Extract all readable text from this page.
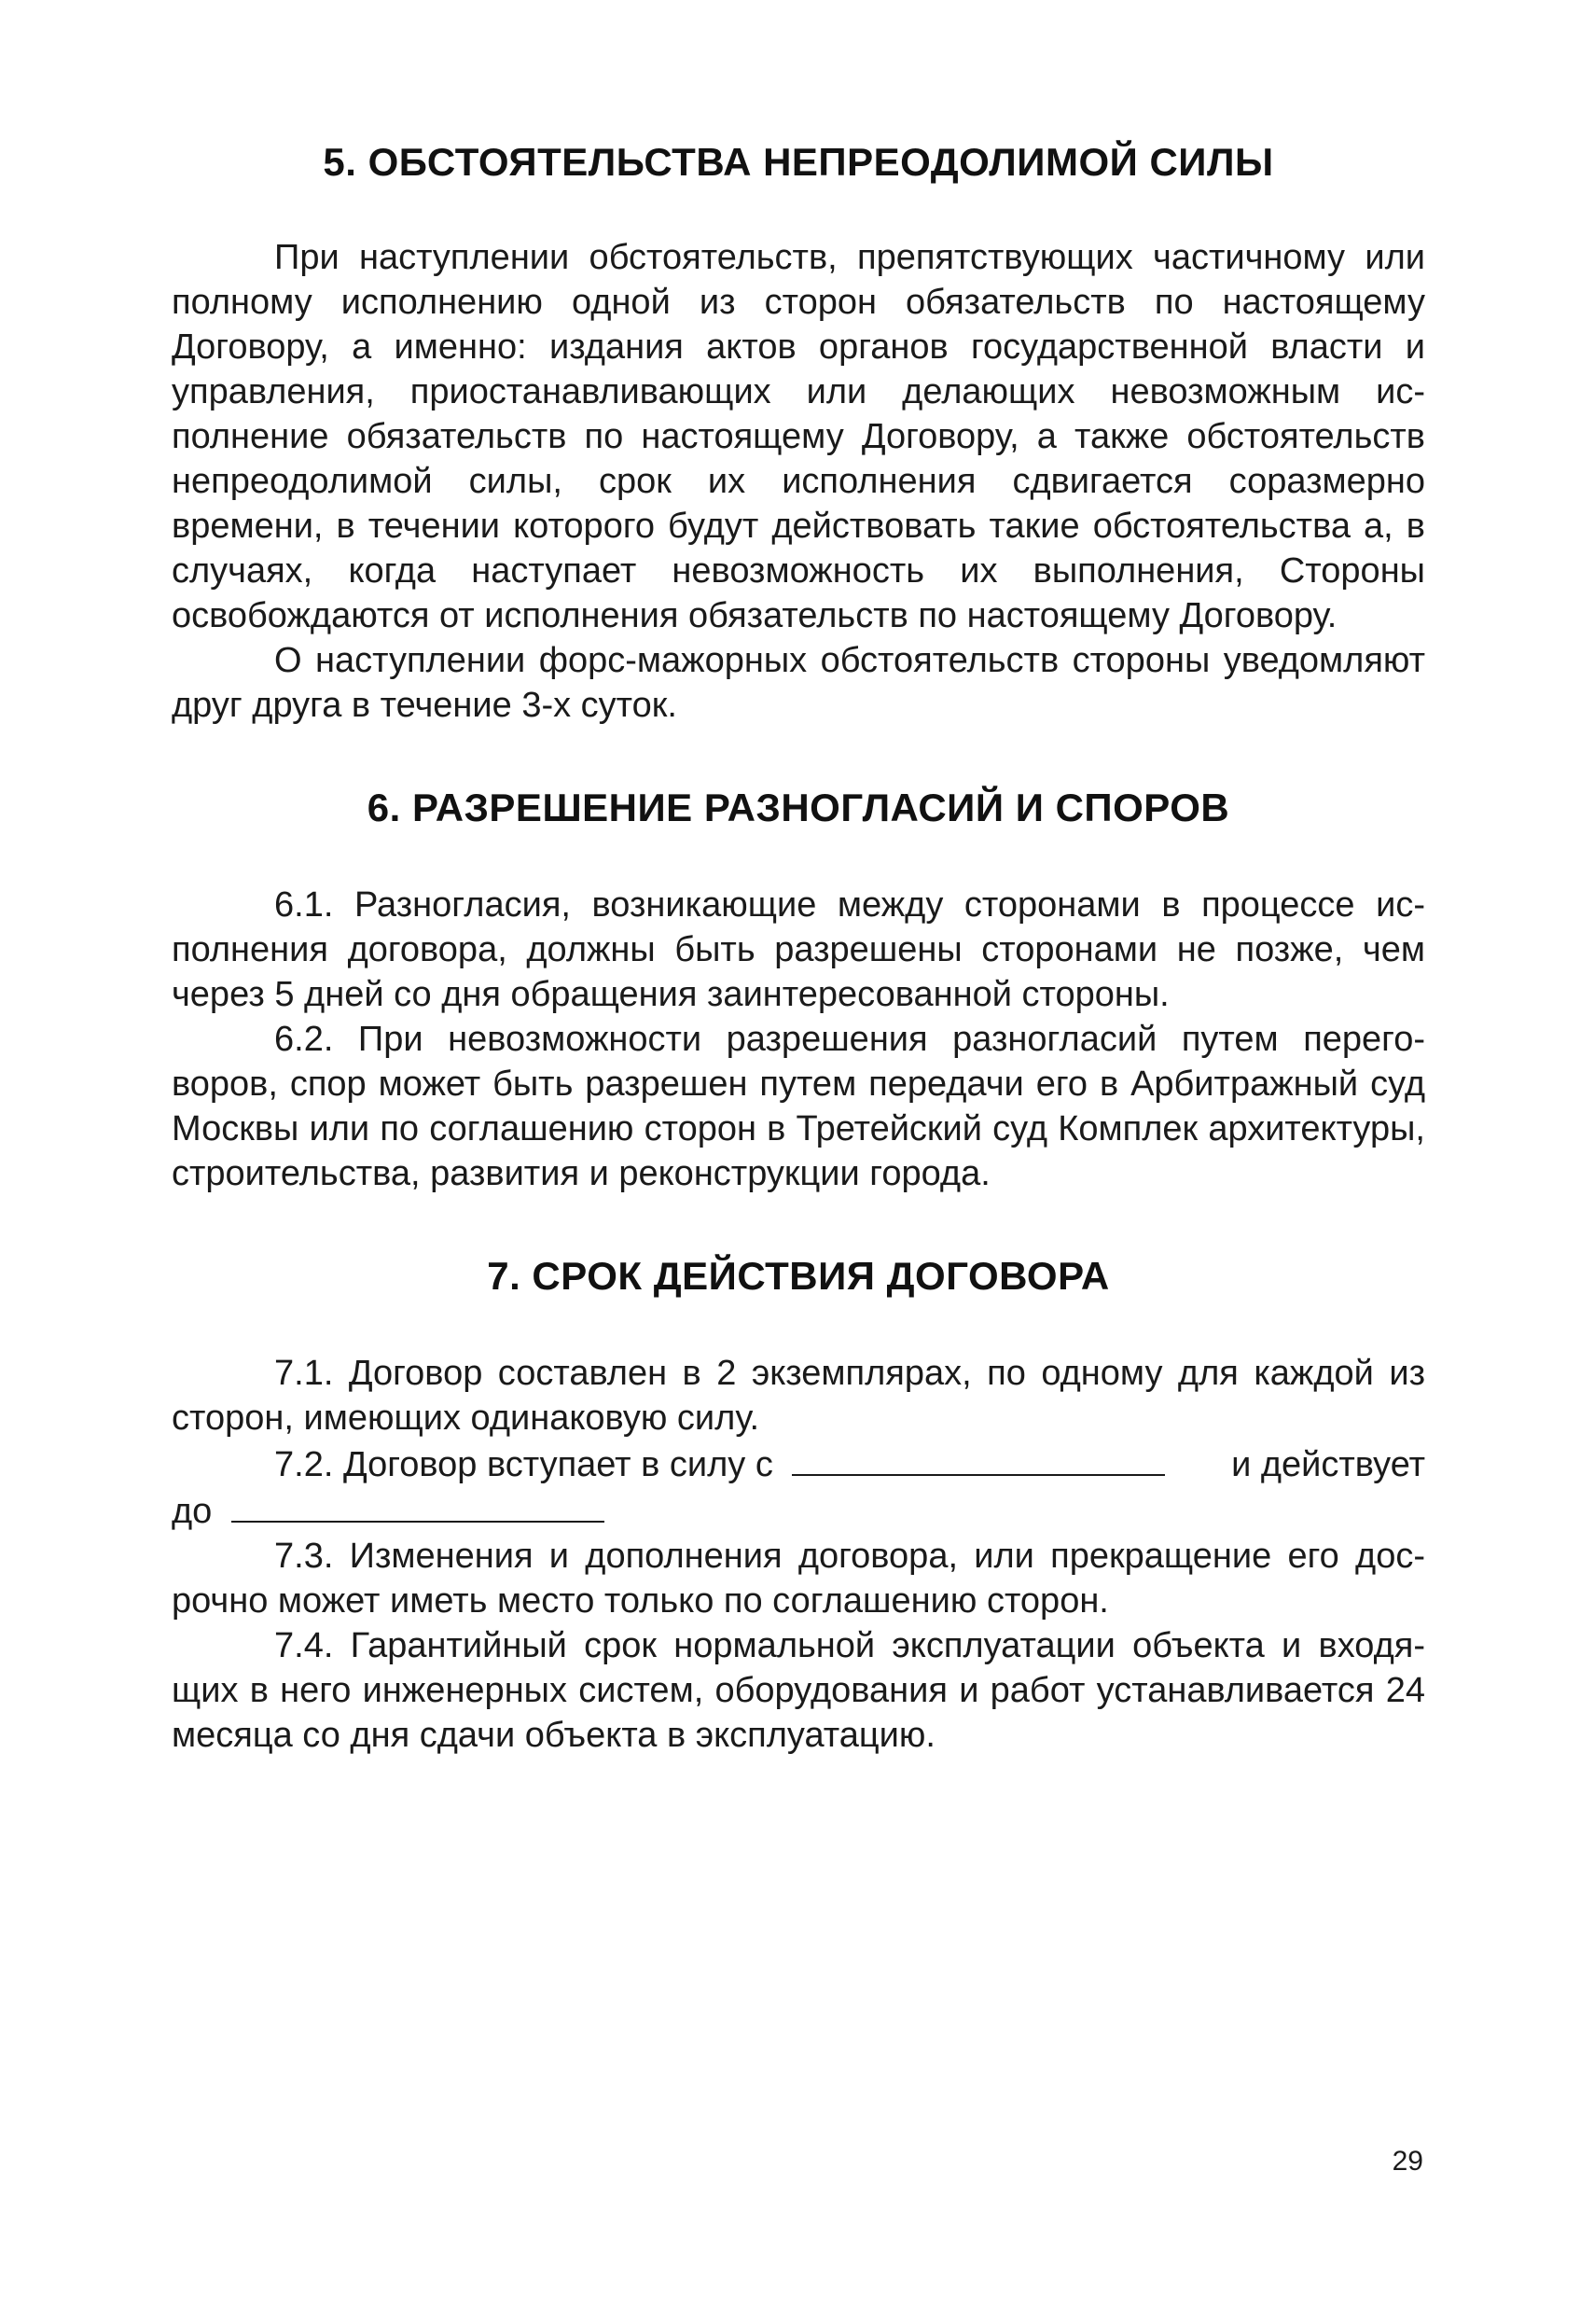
5. ОБСТОЯТЕЛЬСТВА НЕПРЕОДОЛИМОЙ СИЛЫ

При наступлении обстоятельств, препятствующих частичному или полному исполнению одной из сторон обязательств по настоящему Договору, а именно: издания актов органов государственной власти и управления, приостанавливающих или делающих невозможным исполнение обязательств по настоящему Договору, а также обстоятельств непреодолимой силы, срок их исполнения сдвигается соразмерно времени, в течении которого будут действовать такие обстоятельства а, в случаях, когда наступает невозможность их выполнения, Стороны освобождаются от исполнения обязательств по настоящему Договору.

О наступлении форс-мажорных обстоятельств стороны уведомляют друг друга в течение 3-х суток.

6. РАЗРЕШЕНИЕ РАЗНОГЛАСИЙ И СПОРОВ

6.1. Разногласия, возникающие между сторонами в процессе исполнения договора, должны быть разрешены сторонами не позже, чем через 5 дней со дня обращения заинтересованной стороны.

6.2. При невозможности разрешения разногласий путем переговоров, спор может быть разрешен путем передачи его в Арбитражный суд Москвы или по соглашению сторон в Третейский суд Комплек архитектуры, строительства, развития и реконструкции города.

7. СРОК ДЕЙСТВИЯ ДОГОВОРА

7.1. Договор составлен в 2 экземплярах, по одному для каждой из сторон, имеющих одинаковую силу.

7.2. Договор вступает в силу с	и действует
до

7.3. Изменения и дополнения договора, или прекращение его досрочно может иметь место только по соглашению сторон.

7.4. Гарантийный срок нормальной эксплуатации объекта и входящих в него инженерных систем, оборудования и работ устанавливается 24 месяца со дня сдачи объекта в эксплуатацию.

29
